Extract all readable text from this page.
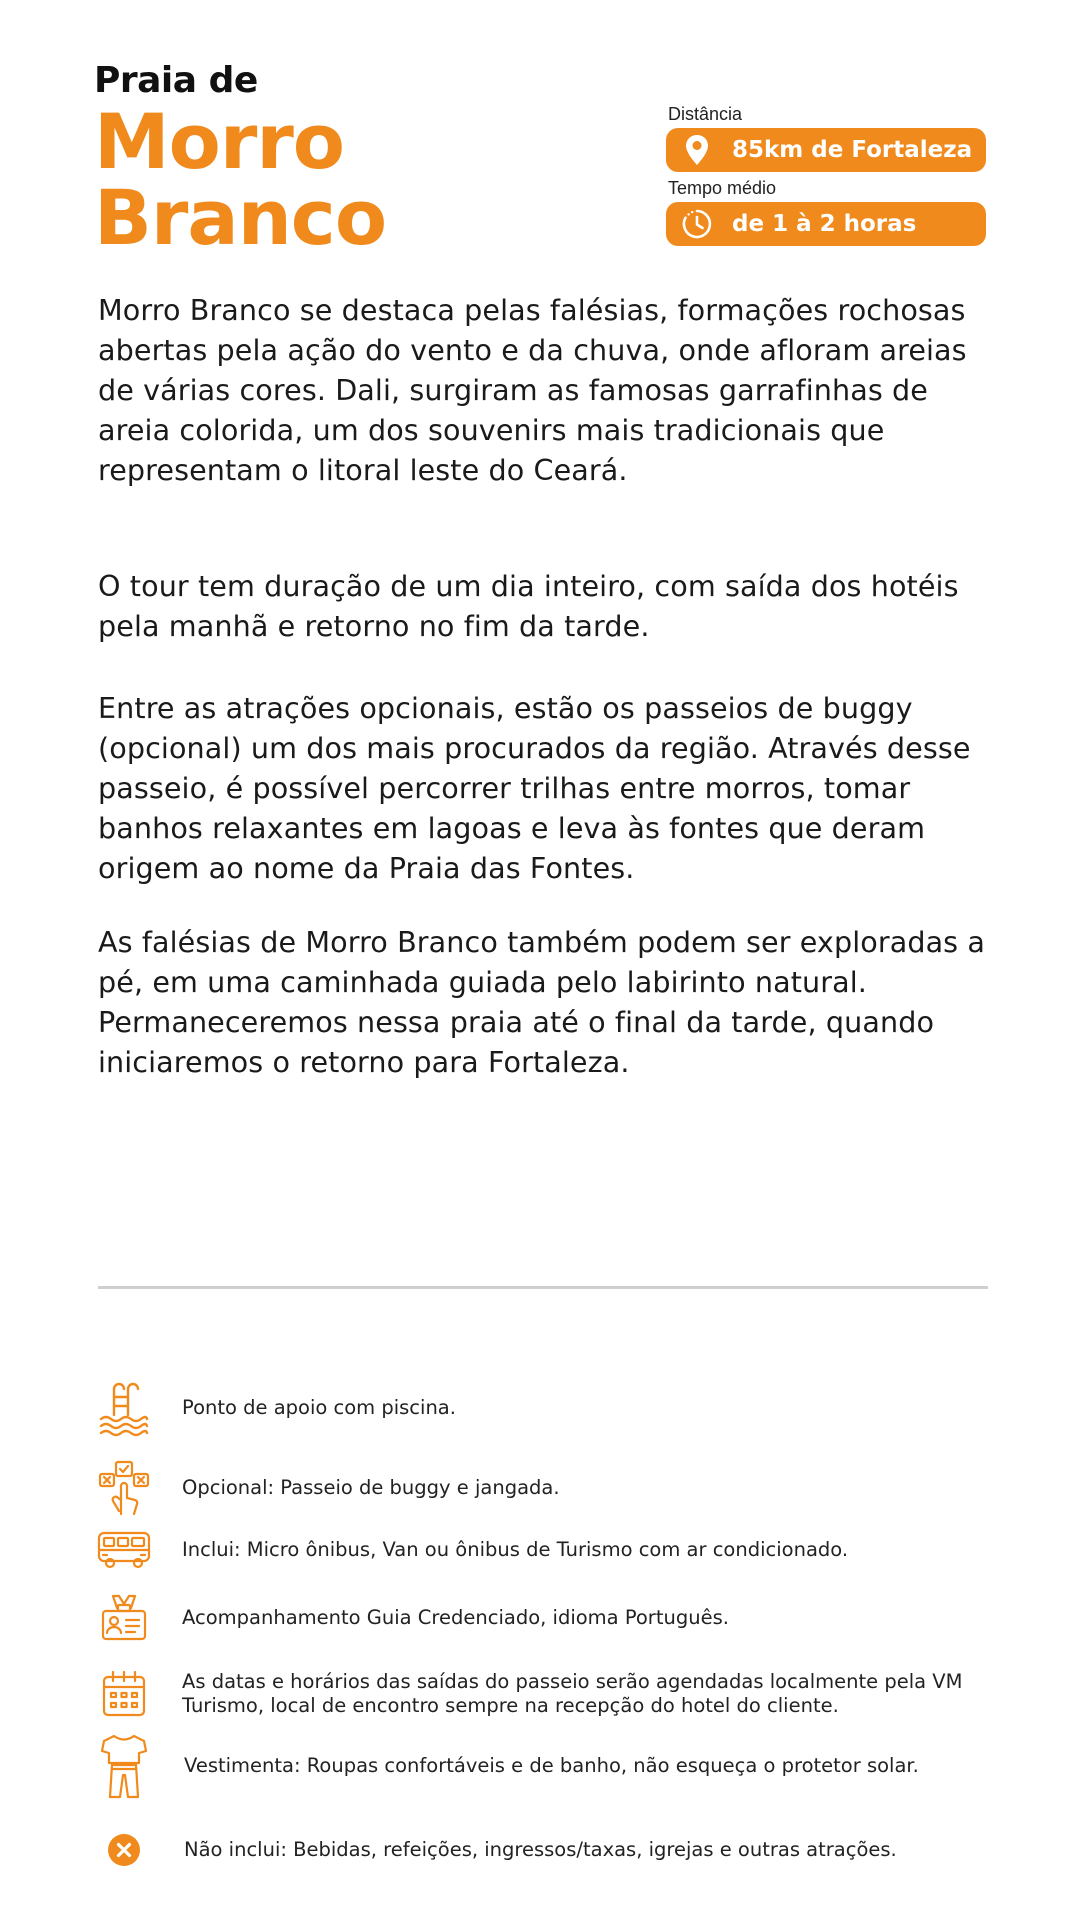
Praia de
Morro
Branco
Distância
85km de Fortaleza
Tempo médio
de 1 à 2 horas

Morro Branco se destaca pelas falésias, formações rochosas abertas pela ação do vento e da chuva, onde afloram areias de várias cores. Dali, surgiram as famosas garrafinhas de areia colorida, um dos souvenirs mais tradicionais que representam o litoral leste do Ceará.

O tour tem duração de um dia inteiro, com saída dos hotéis pela manhã e retorno no fim da tarde.

Entre as atrações opcionais, estão os passeios de buggy (opcional) um dos mais procurados da região. Através desse passeio, é possível percorrer trilhas entre morros, tomar banhos relaxantes em lagoas e leva às fontes que deram origem ao nome da Praia das Fontes.

As falésias de Morro Branco também podem ser exploradas a pé, em uma caminhada guiada pelo labirinto natural. Permaneceremos nessa praia até o final da tarde, quando iniciaremos o retorno para Fortaleza.

Ponto de apoio com piscina.
Opcional: Passeio de buggy e jangada.
Inclui: Micro ônibus, Van ou ônibus de Turismo com ar condicionado.
Acompanhamento Guia Credenciado, idioma Português.
As datas e horários das saídas do passeio serão agendadas localmente pela VM Turismo, local de encontro sempre na recepção do hotel do cliente.
Vestimenta: Roupas confortáveis e de banho, não esqueça o protetor solar.
Não inclui: Bebidas, refeições, ingressos/taxas, igrejas e outras atrações.
